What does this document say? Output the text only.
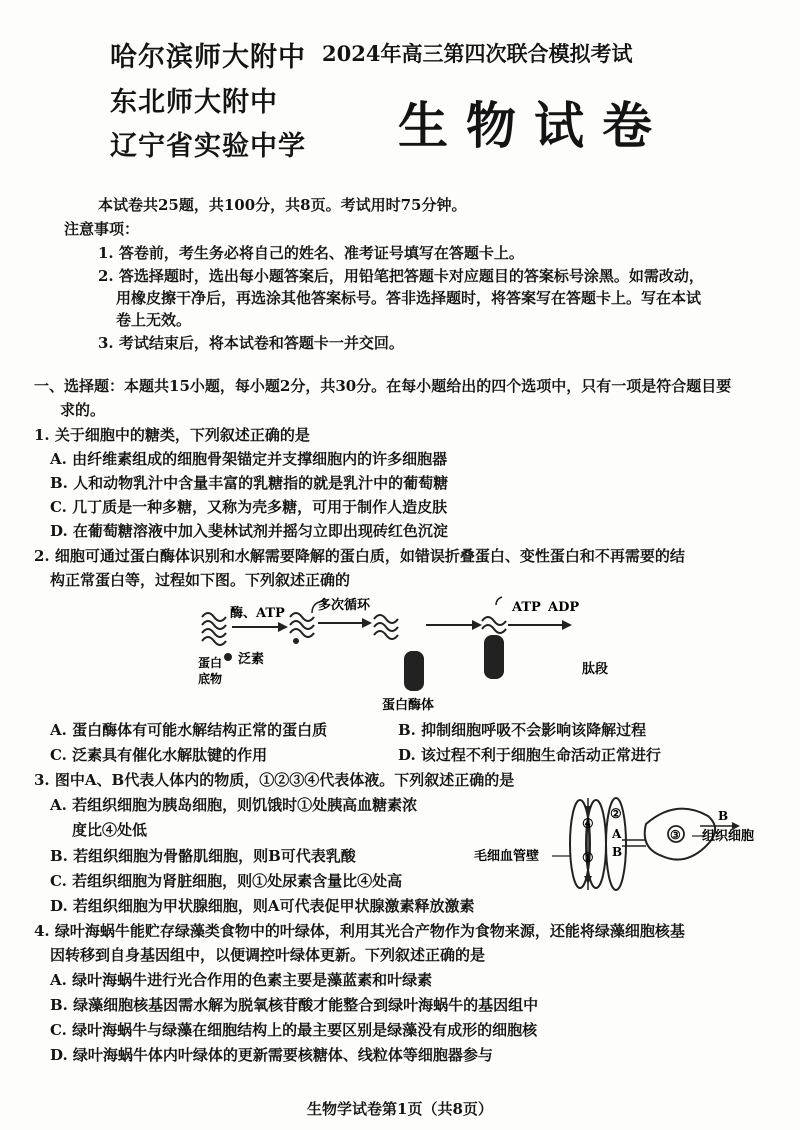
哈尔滨师大附中
东北师大附中
辽宁省实验中学
2024年高三第四次联合模拟考试
生物试卷
本试卷共25题，共100分，共8页。考试用时75分钟。
注意事项：
1. 答卷前，考生务必将自己的姓名、准考证号填写在答题卡上。
2. 答选择题时，选出每小题答案后，用铅笔把答题卡对应题目的答案标号涂黑。如需改动，
用橡皮擦干净后，再选涂其他答案标号。答非选择题时，将答案写在答题卡上。写在本试
卷上无效。
3. 考试结束后，将本试卷和答题卡一并交回。
一、选择题：本题共15小题，每小题2分，共30分。在每小题给出的四个选项中，只有一项是符合题目要
求的。
1. 关于细胞中的糖类，下列叙述正确的是
A. 由纤维素组成的细胞骨架锚定并支撑细胞内的许多细胞器
B. 人和动物乳汁中含量丰富的乳糖指的就是乳汁中的葡萄糖
C. 几丁质是一种多糖，又称为壳多糖，可用于制作人造皮肤
D. 在葡萄糖溶液中加入斐林试剂并摇匀立即出现砖红色沉淀
2. 细胞可通过蛋白酶体识别和水解需要降解的蛋白质，如错误折叠蛋白、变性蛋白和不再需要的结
构正常蛋白等，过程如下图。下列叙述正确的
蛋白
底物
酶、ATP
泛素
多次循环	ATP ADP
肽段
蛋白酶体
A. 蛋白酶体有可能水解结构正常的蛋白质	B. 抑制细胞呼吸不会影响该降解过程
C. 泛素具有催化水解肽键的作用	D. 该过程不利于细胞生命活动正常进行
3. 图中A、B代表人体内的物质，①②③④代表体液。下列叙述正确的是
A. 若组织细胞为胰岛细胞，则饥饿时①处胰高血糖素浓
度比④处低
B. 若组织细胞为骨骼肌细胞，则B可代表乳酸
C. 若组织细胞为肾脏细胞，则①处尿素含量比④处高
D. 若组织细胞为甲状腺细胞，则A可代表促甲状腺激素释放激素
④
①
毛细血管壁
②
A
B
③
B
组织细胞
4. 绿叶海蜗牛能贮存绿藻类食物中的叶绿体，利用其光合产物作为食物来源，还能将绿藻细胞核基
因转移到自身基因组中，以便调控叶绿体更新。下列叙述正确的是
A. 绿叶海蜗牛进行光合作用的色素主要是藻蓝素和叶绿素
B. 绿藻细胞核基因需水解为脱氧核苷酸才能整合到绿叶海蜗牛的基因组中
C. 绿叶海蜗牛与绿藻在细胞结构上的最主要区别是绿藻没有成形的细胞核
D. 绿叶海蜗牛体内叶绿体的更新需要核糖体、线粒体等细胞器参与
生物学试卷第1页（共8页）
